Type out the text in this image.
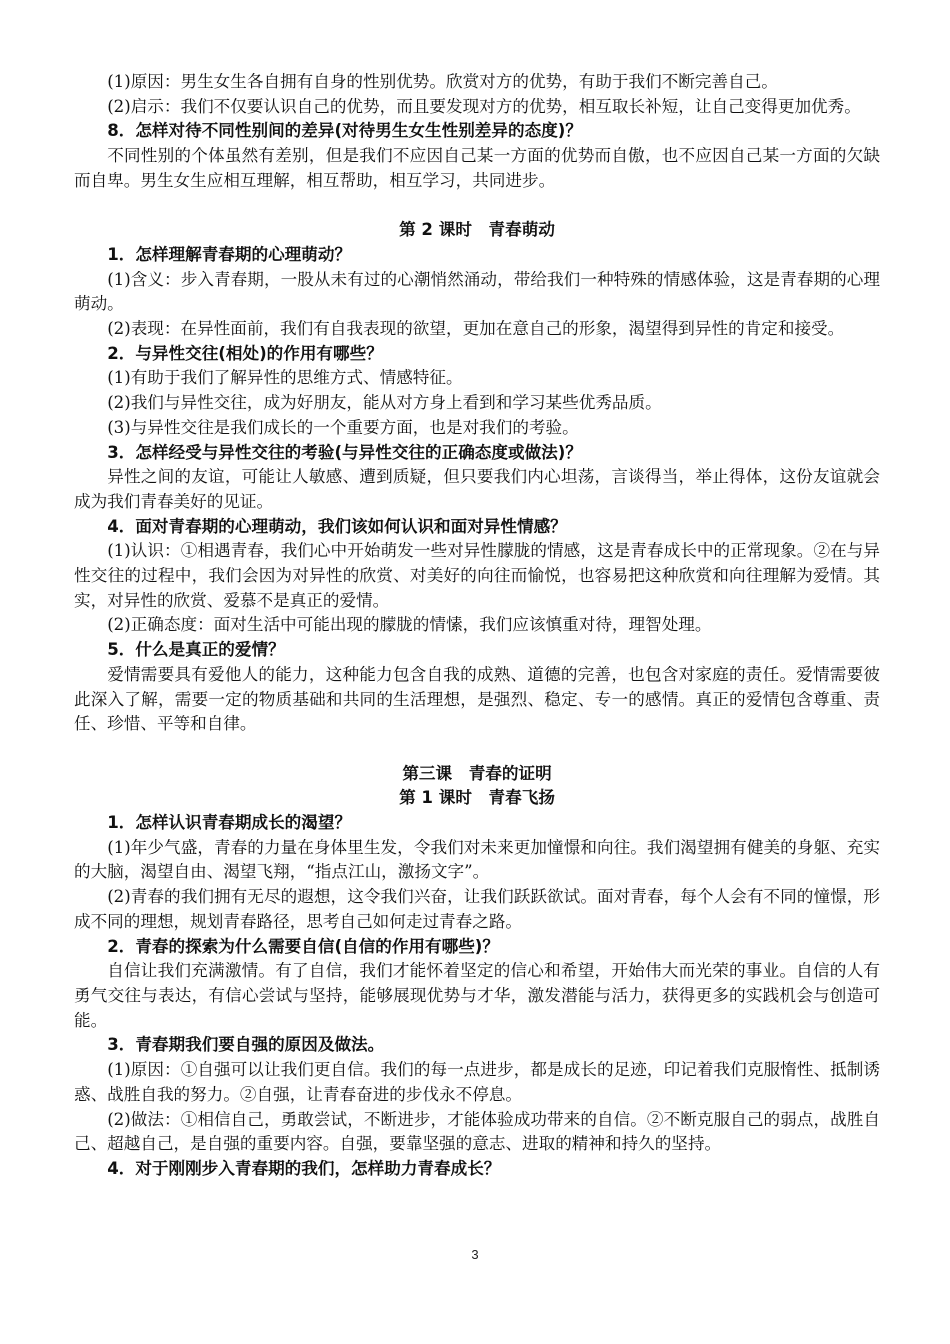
(1)原因：男生女生各自拥有自身的性别优势。欣赏对方的优势，有助于我们不断完善自己。
(2)启示：我们不仅要认识自己的优势，而且要发现对方的优势，相互取长补短，让自己变得更加优秀。
8．怎样对待不同性别间的差异(对待男生女生性别差异的态度)？
不同性别的个体虽然有差别，但是我们不应因自己某一方面的优势而自傲，也不应因自己某一方面的欠缺而自卑。男生女生应相互理解，相互帮助，相互学习，共同进步。
第 2 课时　青春萌动
1．怎样理解青春期的心理萌动？
(1)含义：步入青春期，一股从未有过的心潮悄然涌动，带给我们一种特殊的情感体验，这是青春期的心理萌动。
(2)表现：在异性面前，我们有自我表现的欲望，更加在意自己的形象，渴望得到异性的肯定和接受。
2．与异性交往(相处)的作用有哪些？
(1)有助于我们了解异性的思维方式、情感特征。
(2)我们与异性交往，成为好朋友，能从对方身上看到和学习某些优秀品质。
(3)与异性交往是我们成长的一个重要方面，也是对我们的考验。
3．怎样经受与异性交往的考验(与异性交往的正确态度或做法)？
异性之间的友谊，可能让人敏感、遭到质疑，但只要我们内心坦荡，言谈得当，举止得体，这份友谊就会成为我们青春美好的见证。
4．面对青春期的心理萌动，我们该如何认识和面对异性情感？
(1)认识：①相遇青春，我们心中开始萌发一些对异性朦胧的情感，这是青春成长中的正常现象。②在与异性交往的过程中，我们会因为对异性的欣赏、对美好的向往而愉悦，也容易把这种欣赏和向往理解为爱情。其实，对异性的欣赏、爱慕不是真正的爱情。
(2)正确态度：面对生活中可能出现的朦胧的情愫，我们应该慎重对待，理智处理。
5．什么是真正的爱情？
爱情需要具有爱他人的能力，这种能力包含自我的成熟、道德的完善，也包含对家庭的责任。爱情需要彼此深入了解，需要一定的物质基础和共同的生活理想，是强烈、稳定、专一的感情。真正的爱情包含尊重、责任、珍惜、平等和自律。
第三课　青春的证明
第 1 课时　青春飞扬
1．怎样认识青春期成长的渴望？
(1)年少气盛，青春的力量在身体里生发，令我们对未来更加憧憬和向往。我们渴望拥有健美的身躯、充实的大脑，渴望自由、渴望飞翔，“指点江山，激扬文字”。
(2)青春的我们拥有无尽的遐想，这令我们兴奋，让我们跃跃欲试。面对青春，每个人会有不同的憧憬，形成不同的理想，规划青春路径，思考自己如何走过青春之路。
2．青春的探索为什么需要自信(自信的作用有哪些)？
自信让我们充满激情。有了自信，我们才能怀着坚定的信心和希望，开始伟大而光荣的事业。自信的人有勇气交往与表达，有信心尝试与坚持，能够展现优势与才华，激发潜能与活力，获得更多的实践机会与创造可能。
3．青春期我们要自强的原因及做法。
(1)原因：①自强可以让我们更自信。我们的每一点进步，都是成长的足迹，印记着我们克服惰性、抵制诱惑、战胜自我的努力。②自强，让青春奋进的步伐永不停息。
(2)做法：①相信自己，勇敢尝试，不断进步，才能体验成功带来的自信。②不断克服自己的弱点，战胜自己、超越自己，是自强的重要内容。自强，要靠坚强的意志、进取的精神和持久的坚持。
4．对于刚刚步入青春期的我们，怎样助力青春成长？
3
